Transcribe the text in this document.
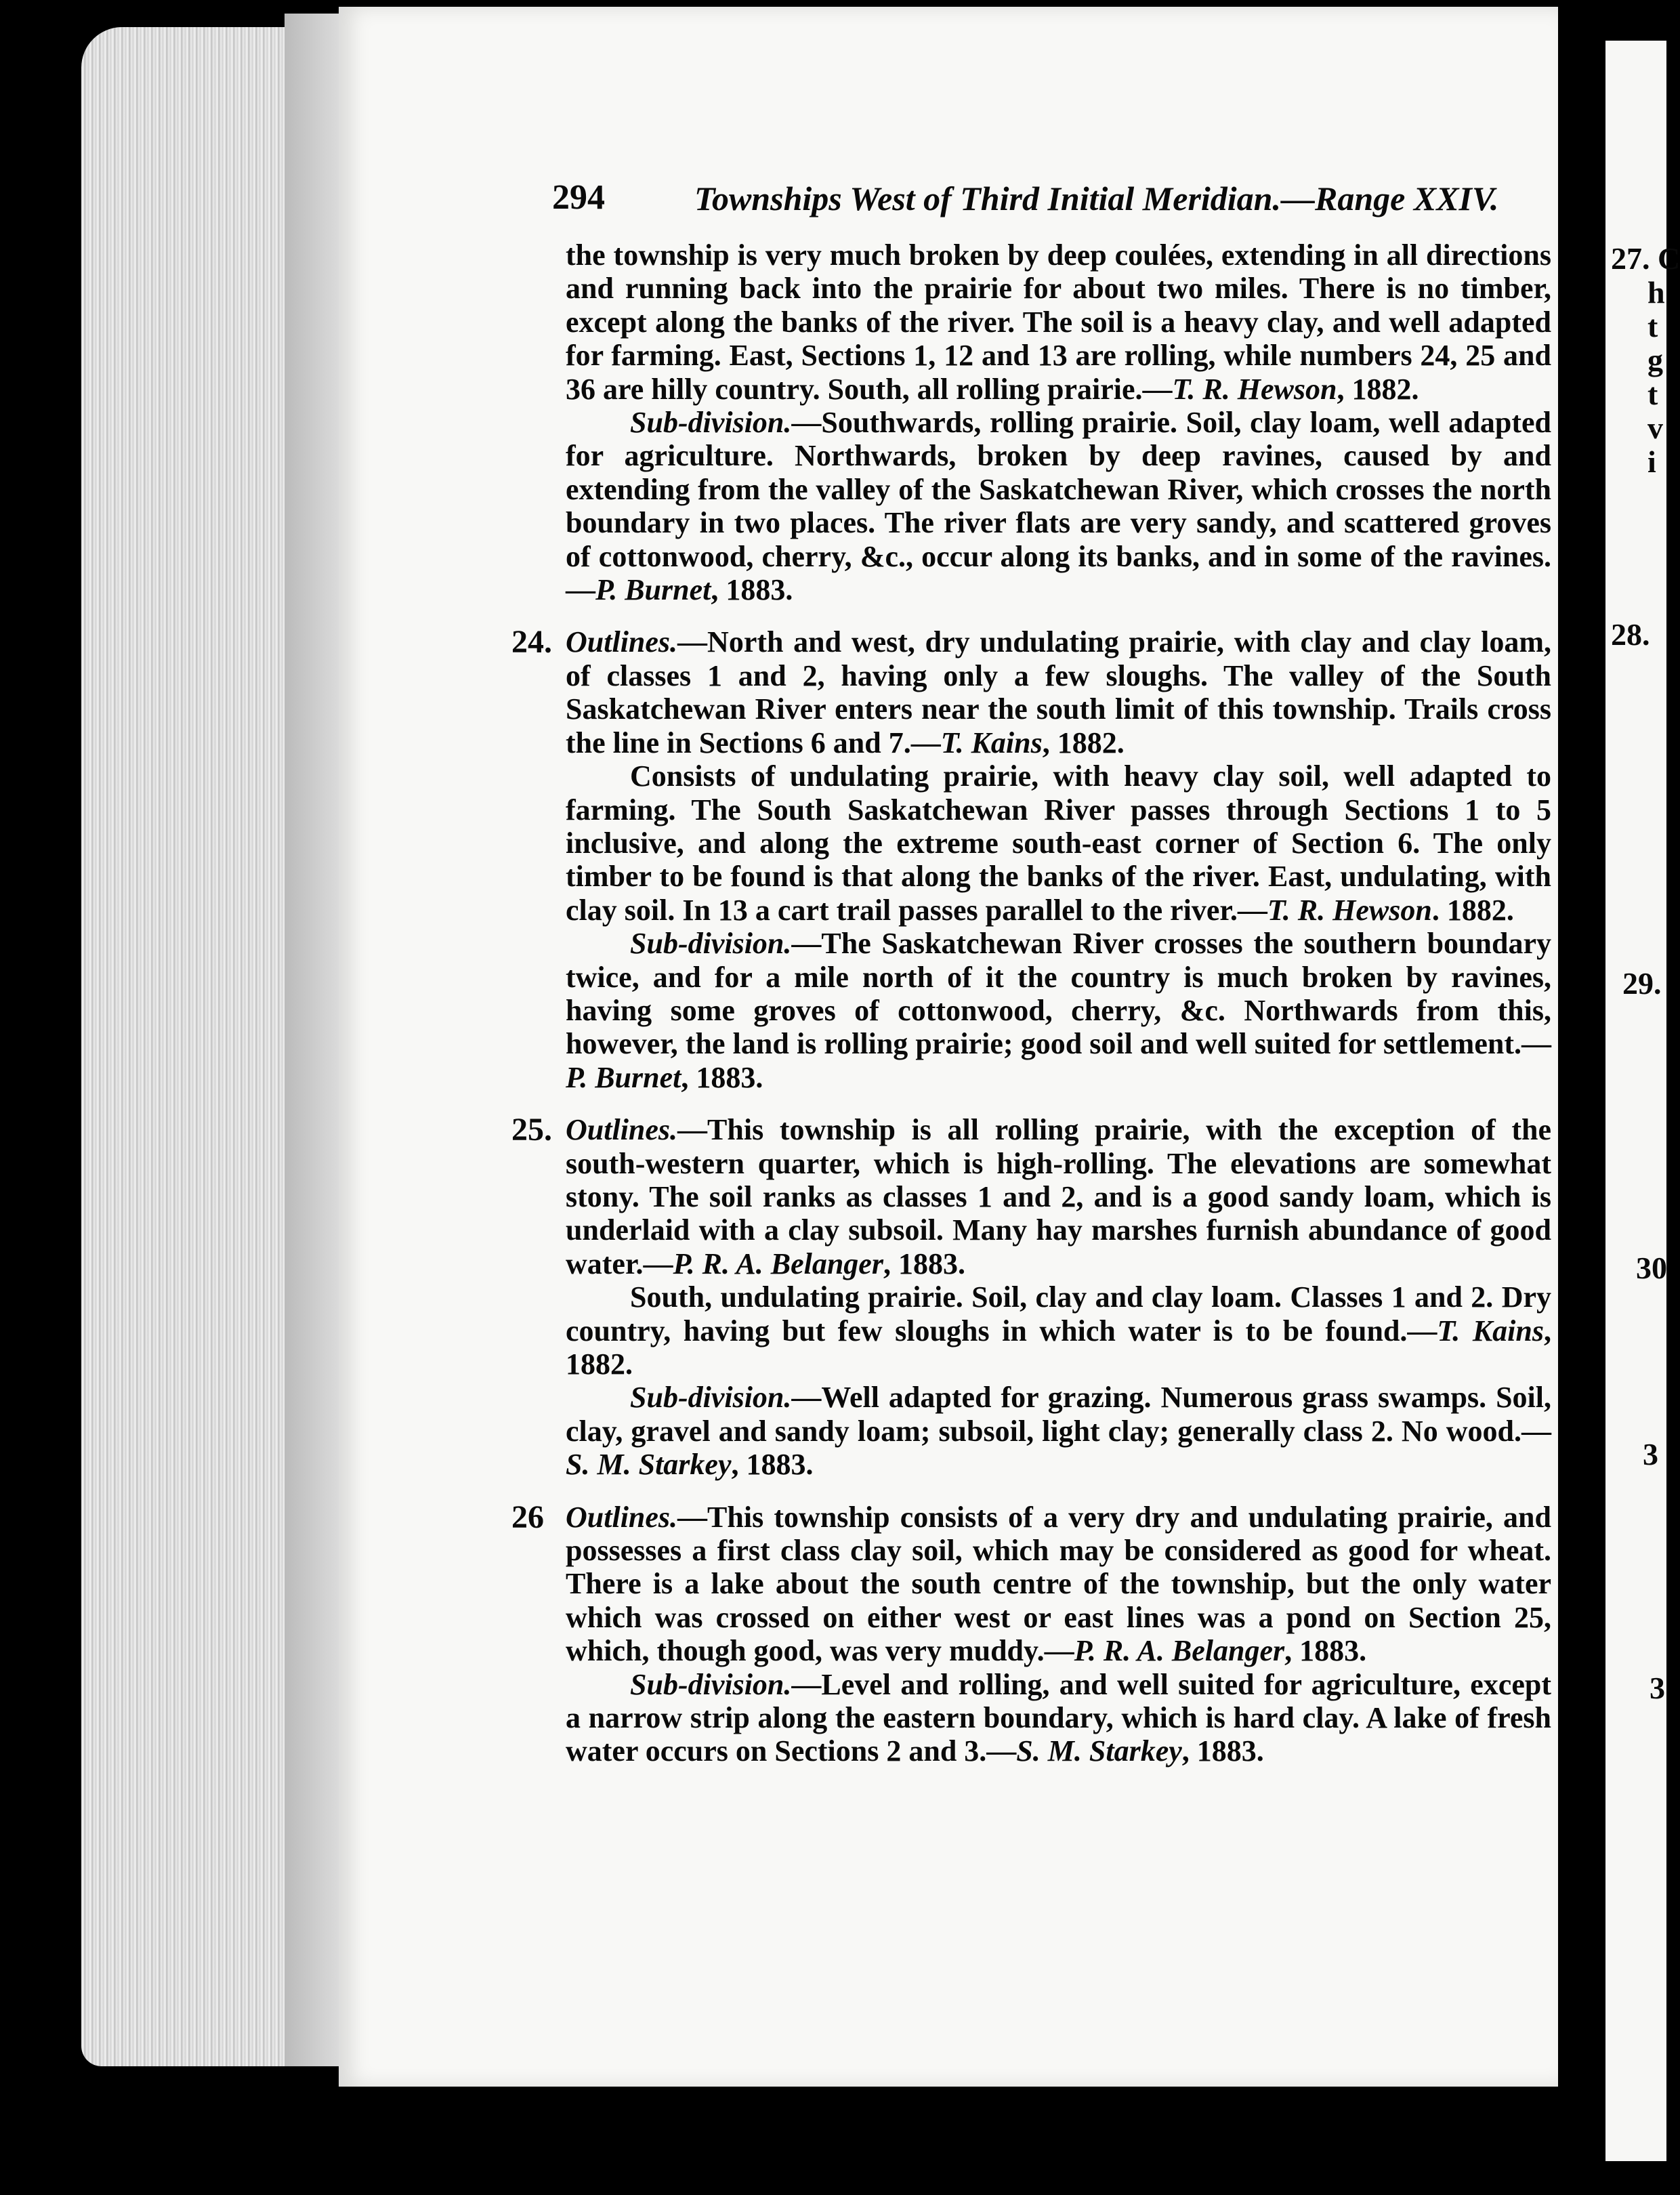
27. C
h
t
g
t
v
i
28.
29.
30
3
3
294	Townships West of Third Initial Meridian.—Range XXIV.

the township is very much broken by deep coulées, extending in all directions and running back into the prairie for about two miles. There is no timber, except along the banks of the river. The soil is a heavy clay, and well adapted for farming. East, Sections 1, 12 and 13 are rolling, while numbers 24, 25 and 36 are hilly country. South, all rolling prairie.—T. R. Hewson, 1882.

Sub-division.—Southwards, rolling prairie. Soil, clay loam, well adapted for agriculture. Northwards, broken by deep ravines, caused by and extending from the valley of the Saskatchewan River, which crosses the north boundary in two places. The river flats are very sandy, and scattered groves of cottonwood, cherry, &c., occur along its banks, and in some of the ravines.—P. Burnet, 1883.

24. Outlines.—North and west, dry undulating prairie, with clay and clay loam, of classes 1 and 2, having only a few sloughs. The valley of the South Saskatchewan River enters near the south limit of this township. Trails cross the line in Sections 6 and 7.—T. Kains, 1882.

Consists of undulating prairie, with heavy clay soil, well adapted to farming. The South Saskatchewan River passes through Sections 1 to 5 inclusive, and along the extreme south-east corner of Section 6. The only timber to be found is that along the banks of the river. East, undulating, with clay soil. In 13 a cart trail passes parallel to the river.—T. R. Hewson. 1882.

Sub-division.—The Saskatchewan River crosses the southern boundary twice, and for a mile north of it the country is much broken by ravines, having some groves of cottonwood, cherry, &c. Northwards from this, however, the land is rolling prairie; good soil and well suited for settlement.—P. Burnet, 1883.

25. Outlines.—This township is all rolling prairie, with the exception of the south-western quarter, which is high-rolling. The elevations are somewhat stony. The soil ranks as classes 1 and 2, and is a good sandy loam, which is underlaid with a clay subsoil. Many hay marshes furnish abundance of good water.—P. R. A. Belanger, 1883.

South, undulating prairie. Soil, clay and clay loam. Classes 1 and 2. Dry country, having but few sloughs in which water is to be found.—T. Kains, 1882.

Sub-division.—Well adapted for grazing. Numerous grass swamps. Soil, clay, gravel and sandy loam; subsoil, light clay; generally class 2. No wood.—S. M. Starkey, 1883.

26 Outlines.—This township consists of a very dry and undulating prairie, and possesses a first class clay soil, which may be considered as good for wheat. There is a lake about the south centre of the township, but the only water which was crossed on either west or east lines was a pond on Section 25, which, though good, was very muddy.—P. R. A. Belanger, 1883.

Sub-division.—Level and rolling, and well suited for agriculture, except a narrow strip along the eastern boundary, which is hard clay. A lake of fresh water occurs on Sections 2 and 3.—S. M. Starkey, 1883.
